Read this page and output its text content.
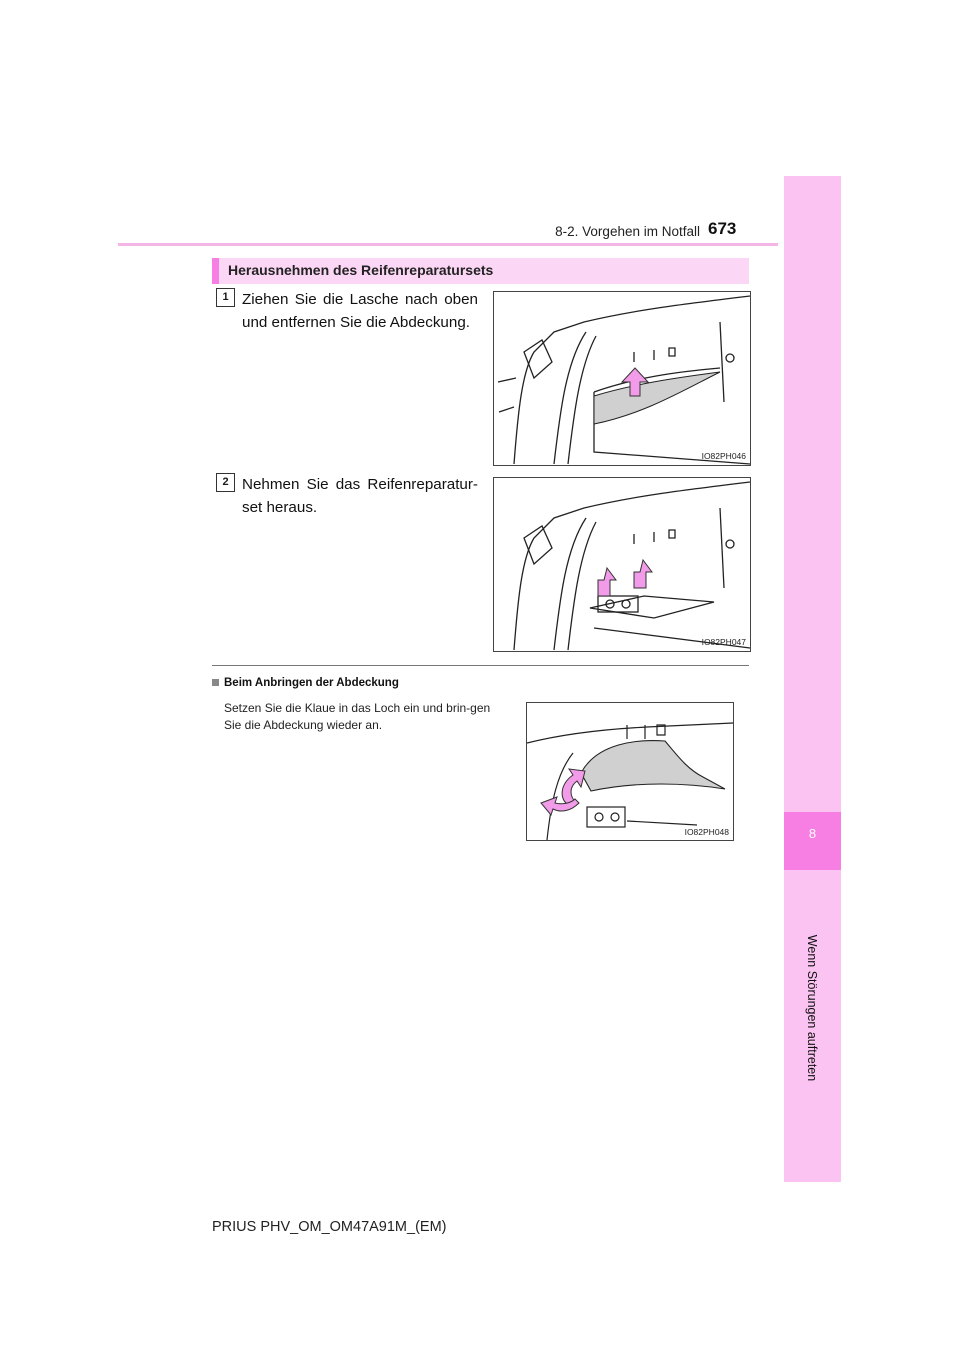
8-2. Vorgehen im Notfall 673
8
Wenn Störungen auftreten
Herausnehmen des Reifenreparatursets
1 Ziehen Sie die Lasche nach oben und entfernen Sie die Abdeckung.
IO82PH046
2 Nehmen Sie das Reifenreparatur-set heraus.
IO82PH047
Beim Anbringen der Abdeckung
Setzen Sie die Klaue in das Loch ein und brin-gen Sie die Abdeckung wieder an.
IO82PH048
PRIUS PHV_OM_OM47A91M_(EM)
